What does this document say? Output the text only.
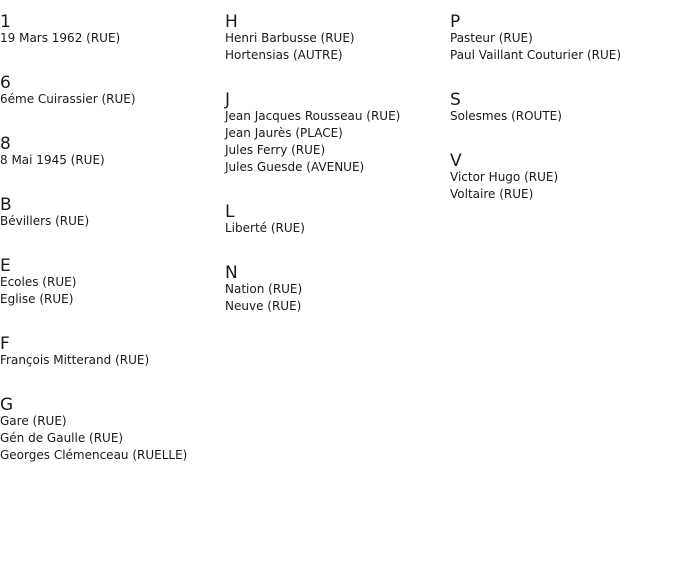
1
19 Mars 1962 (RUE)
6
6éme Cuirassier (RUE)
8
8 Mai 1945 (RUE)
B
Bévillers (RUE)
E
Ecoles (RUE)
Eglise (RUE)
F
François Mitterand (RUE)
G
Gare (RUE)
Gén de Gaulle (RUE)
Georges Clémenceau (RUELLE)
H
Henri Barbusse (RUE)
Hortensias (AUTRE)
J
Jean Jacques Rousseau (RUE)
Jean Jaurès (PLACE)
Jules Ferry (RUE)
Jules Guesde (AVENUE)
L
Liberté (RUE)
N
Nation (RUE)
Neuve (RUE)
P
Pasteur (RUE)
Paul Vaillant Couturier (RUE)
S
Solesmes (ROUTE)
V
Victor Hugo (RUE)
Voltaire (RUE)
